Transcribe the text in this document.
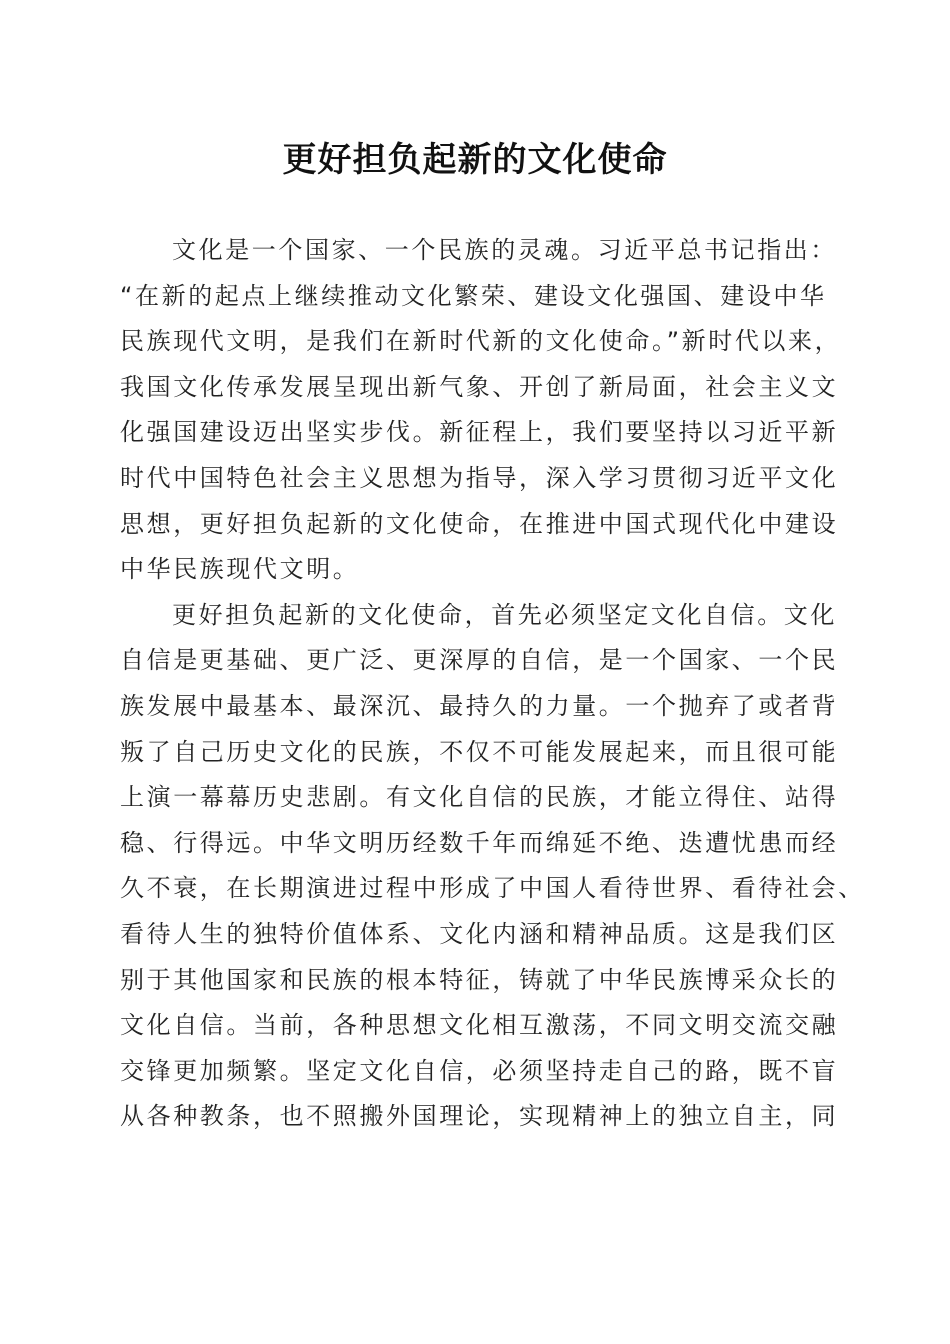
更好担负起新的文化使命
文化是一个国家、一个民族的灵魂。习近平总书记指出：
“在新的起点上继续推动文化繁荣、建设文化强国、建设中华
民族现代文明，是我们在新时代新的文化使命。”新时代以来，
我国文化传承发展呈现出新气象、开创了新局面，社会主义文
化强国建设迈出坚实步伐。新征程上，我们要坚持以习近平新
时代中国特色社会主义思想为指导，深入学习贯彻习近平文化
思想，更好担负起新的文化使命，在推进中国式现代化中建设
中华民族现代文明。
更好担负起新的文化使命，首先必须坚定文化自信。文化
自信是更基础、更广泛、更深厚的自信，是一个国家、一个民
族发展中最基本、最深沉、最持久的力量。一个抛弃了或者背
叛了自己历史文化的民族，不仅不可能发展起来，而且很可能
上演一幕幕历史悲剧。有文化自信的民族，才能立得住、站得
稳、行得远。中华文明历经数千年而绵延不绝、迭遭忧患而经
久不衰，在长期演进过程中形成了中国人看待世界、看待社会、
看待人生的独特价值体系、文化内涵和精神品质。这是我们区
别于其他国家和民族的根本特征，铸就了中华民族博采众长的
文化自信。当前，各种思想文化相互激荡，不同文明交流交融
交锋更加频繁。坚定文化自信，必须坚持走自己的路，既不盲
从各种教条，也不照搬外国理论，实现精神上的独立自主，同
